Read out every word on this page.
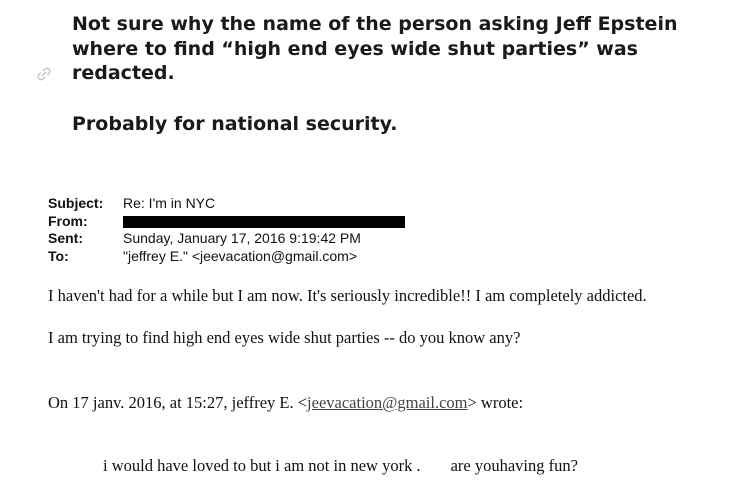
Not sure why the name of the person asking Jeff Epstein

where to find “high end eyes wide shut parties” was

redacted.

Probably for national security.

Subject: Re: I'm in NYC
From:
Sent:	Sunday, January 17, 2016 9:19:42 PM
To:	"jeffrey E." <jeevacation@gmail.com>
I haven't had for a while but I am now. It's seriously incredible!! I am completely addicted.
I am trying to find high end eyes wide shut parties -- do you know any?
On 17 janv. 2016, at 15:27, jeffrey E. <jeevacation@gmail.com> wrote:
i would have loved to but i am not in new york . are youhaving fun?
